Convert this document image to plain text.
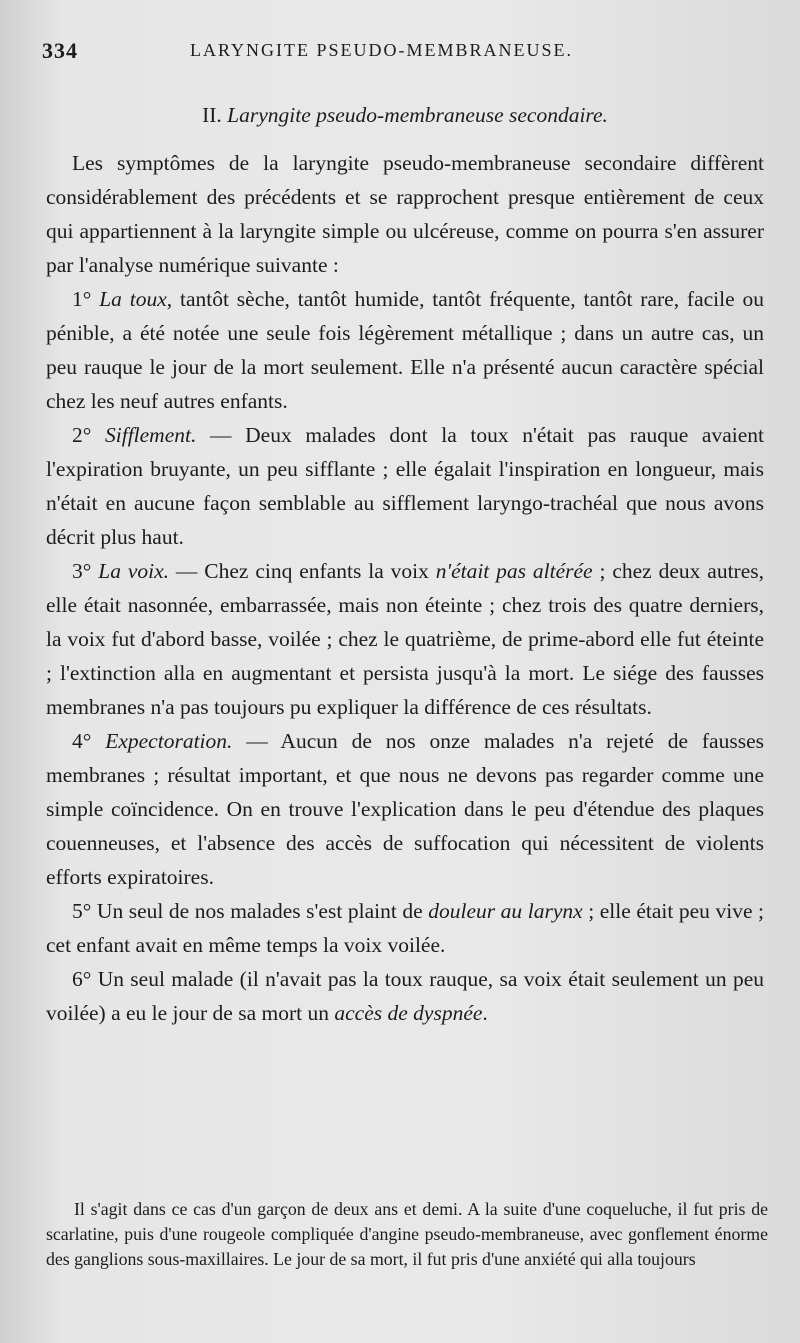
334	LARYNGITE PSEUDO-MEMBRANEUSE.
II. Laryngite pseudo-membraneuse secondaire.

Les symptômes de la laryngite pseudo-membraneuse secondaire diffèrent considérablement des précédents et se rapprochent presque entièrement de ceux qui appartiennent à la laryngite simple ou ulcéreuse, comme on pourra s'en assurer par l'analyse numérique suivante :

1° La toux, tantôt sèche, tantôt humide, tantôt fréquente, tantôt rare, facile ou pénible, a été notée une seule fois légèrement métallique ; dans un autre cas, un peu rauque le jour de la mort seulement. Elle n'a présenté aucun caractère spécial chez les neuf autres enfants.

2° Sifflement. — Deux malades dont la toux n'était pas rauque avaient l'expiration bruyante, un peu sifflante ; elle égalait l'inspiration en longueur, mais n'était en aucune façon semblable au sifflement laryngo-trachéal que nous avons décrit plus haut.

3° La voix. — Chez cinq enfants la voix n'était pas altérée ; chez deux autres, elle était nasonnée, embarrassée, mais non éteinte ; chez trois des quatre derniers, la voix fut d'abord basse, voilée ; chez le quatrième, de prime-abord elle fut éteinte ; l'extinction alla en augmentant et persista jusqu'à la mort. Le siége des fausses membranes n'a pas toujours pu expliquer la différence de ces résultats.

4° Expectoration. — Aucun de nos onze malades n'a rejeté de fausses membranes ; résultat important, et que nous ne devons pas regarder comme une simple coïncidence. On en trouve l'explication dans le peu d'étendue des plaques couenneuses, et l'absence des accès de suffocation qui nécessitent de violents efforts expiratoires.

5° Un seul de nos malades s'est plaint de douleur au larynx ; elle était peu vive ; cet enfant avait en même temps la voix voilée.

6° Un seul malade (il n'avait pas la toux rauque, sa voix était seulement un peu voilée) a eu le jour de sa mort un accès de dyspnée.

Il s'agit dans ce cas d'un garçon de deux ans et demi. A la suite d'une coqueluche, il fut pris de scarlatine, puis d'une rougeole compliquée d'angine pseudo-membraneuse, avec gonflement énorme des ganglions sous-maxillaires. Le jour de sa mort, il fut pris d'une anxiété qui alla toujours
